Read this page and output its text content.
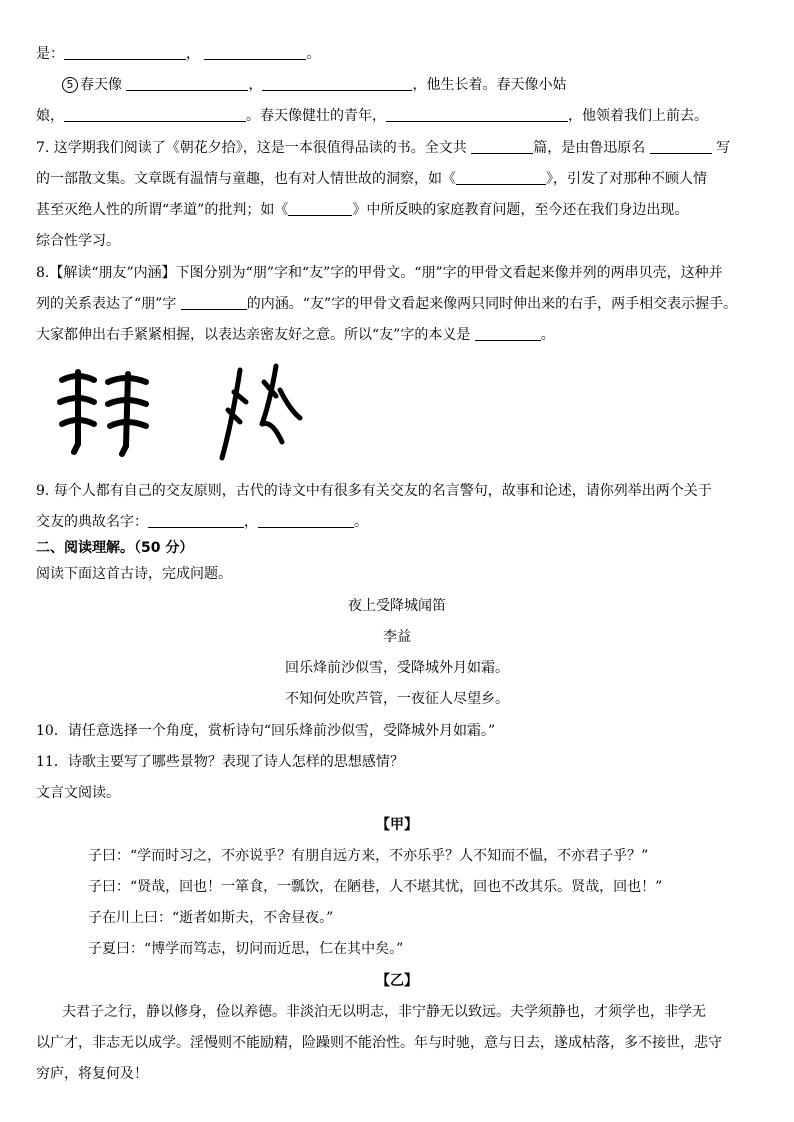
是：	，	。
5 春天像	，	，他生长着。春天像小姑
娘，	。春天像健壮的青年，	，他领着我们上前去。
7. 这学期我们阅读了《朝花夕拾》，这是一本很值得品读的书。全文共	篇，是由鲁迅原名	写
的一部散文集。文章既有温情与童趣，也有对人情世故的洞察，如《	》，引发了对那种不顾人情
甚至灭绝人性的所谓“孝道”的批判；如《	》中所反映的家庭教育问题，至今还在我们身边出现。
综合性学习。
8.【解读“朋友”内涵】下图分别为“朋”字和“友”字的甲骨文。“朋”字的甲骨文看起来像并列的两串贝壳，这种并
列的关系表达了“朋”字	的内涵。“友”字的甲骨文看起来像两只同时伸出来的右手，两手相交表示握手。
大家都伸出右手紧紧相握，以表达亲密友好之意。所以“友”字的本义是	。
9. 每个人都有自己的交友原则，古代的诗文中有很多有关交友的名言警句，故事和论述，请你列举出两个关于
交友的典故名字：	，	。
二、阅读理解。（50 分）
阅读下面这首古诗，完成问题。
夜上受降城闻笛
李益
回乐烽前沙似雪，受降城外月如霜。
不知何处吹芦管，一夜征人尽望乡。
10．请任意选择一个角度，赏析诗句“回乐烽前沙似雪，受降城外月如霜。”
11．诗歌主要写了哪些景物？表现了诗人怎样的思想感情？
文言文阅读。
【甲】
子曰：“学而时习之，不亦说乎？有朋自远方来，不亦乐乎？人不知而不愠，不亦君子乎？”
子曰：“贤哉，回也！一箪食，一瓢饮，在陋巷，人不堪其忧，回也不改其乐。贤哉，回也！”
子在川上曰：“逝者如斯夫，不舍昼夜。”
子夏曰：“博学而笃志，切问而近思，仁在其中矣。”
【乙】
夫君子之行，静以修身，俭以养德。非淡泊无以明志，非宁静无以致远。夫学须静也，才须学也，非学无
以广才，非志无以成学。淫慢则不能励精，险躁则不能治性。年与时驰，意与日去，遂成枯落，多不接世，悲守
穷庐，将复何及！
